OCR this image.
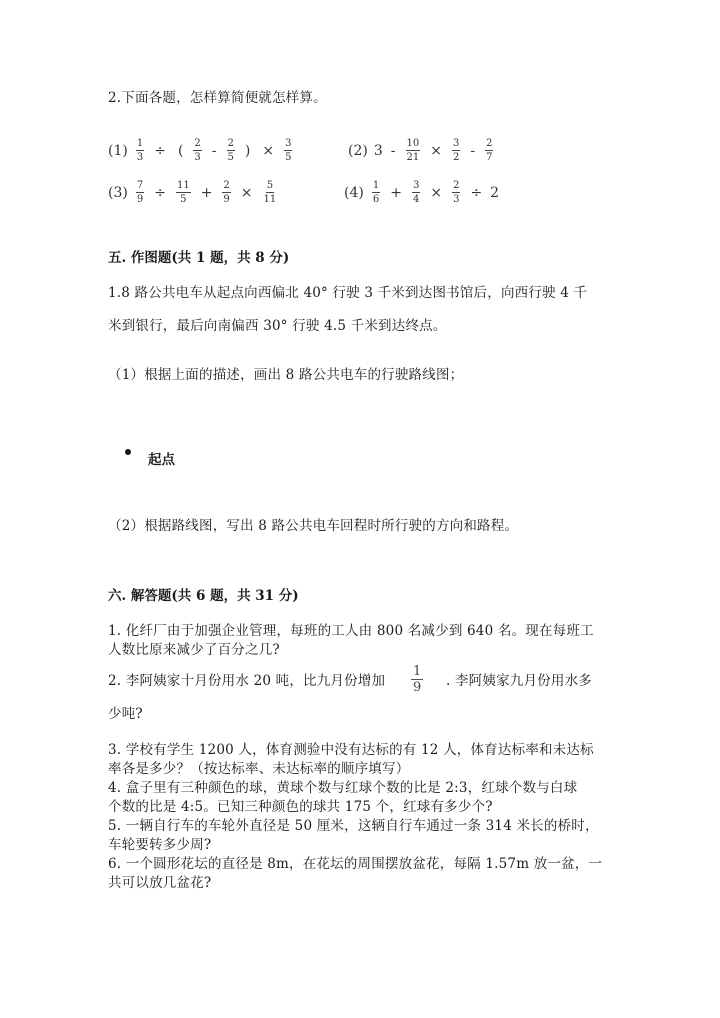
2.下面各题，怎样算简便就怎样算。
$(1) \frac{1}{3}$ ÷ ( $\frac{2}{3} - \frac{2}{5}$ ) × $\frac{3}{5}$	(2) $3 - \frac{10}{21} \times \frac{3}{2} - \frac{2}{7}$
$(3) \frac{7}{9} \div \frac{11}{5} + \frac{2}{9} \times \frac{5}{11}$	$(4) \frac{1}{6} + \frac{3}{4} \times \frac{2}{3} \div 2$
五. 作图题(共 1 题，共 8 分)
1.8 路公共电车从起点向西偏北 40° 行驶 3 千米到达图书馆后，向西行驶 4 千
米到银行，最后向南偏西 30° 行驶 4.5 千米到达终点。
（1）根据上面的描述，画出 8 路公共电车的行驶路线图；
起点
（2）根据路线图，写出 8 路公共电车回程时所行驶的方向和路程。
六. 解答题(共 6 题，共 31 分)
1. 化纤厂由于加强企业管理，每班的工人由 800 名减少到 640 名。现在每班工
人数比原来减少了百分之几?
2. 李阿姨家十月份用水 20 吨，比九月份增加 $\frac{1}{9}$ . 李阿姨家九月份用水多
少吨?
3. 学校有学生 1200 人，体育测验中没有达标的有 12 人，体育达标率和未达标
率各是多少？（按达标率、未达标率的顺序填写）
4. 盒子里有三种颜色的球，黄球个数与红球个数的比是 2:3，红球个数与白球
个数的比是 4:5。已知三种颜色的球共 175 个，红球有多少个?
5. 一辆自行车的车轮外直径是 50 厘米，这辆自行车通过一条 314 米长的桥时，
车轮要转多少周?
6. 一个圆形花坛的直径是 8m，在花坛的周围摆放盆花，每隔 1.57m 放一盆，一
共可以放几盆花?
